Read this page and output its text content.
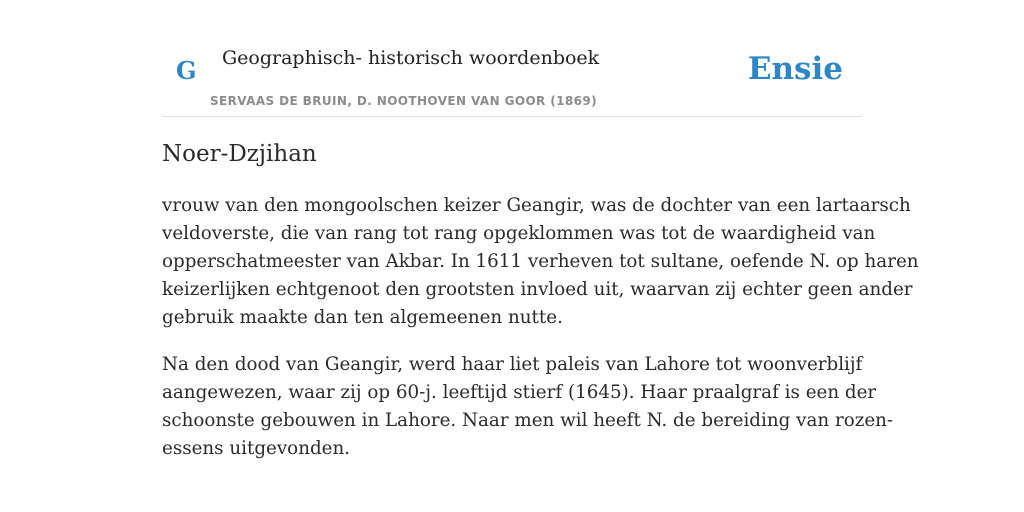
G Geographisch- historisch woordenboek
SERVAAS DE BRUIN, D. NOOTHOVEN VAN GOOR (1869)
Ensie
Noer-Dzjihan

vrouw van den mongoolschen keizer Geangir, was de dochter van een lartaarsch
veldoverste, die van rang tot rang opgeklommen was tot de waardigheid van
opperschatmeester van Akbar. In 1611 verheven tot sultane, oefende N. op haren
keizerlijken echtgenoot den grootsten invloed uit, waarvan zij echter geen ander
gebruik maakte dan ten algemeenen nutte.

Na den dood van Geangir, werd haar liet paleis van Lahore tot woonverblijf
aangewezen, waar zij op 60-j. leeftijd stierf (1645). Haar praalgraf is een der
schoonste gebouwen in Lahore. Naar men wil heeft N. de bereiding van rozen-
essens uitgevonden.
